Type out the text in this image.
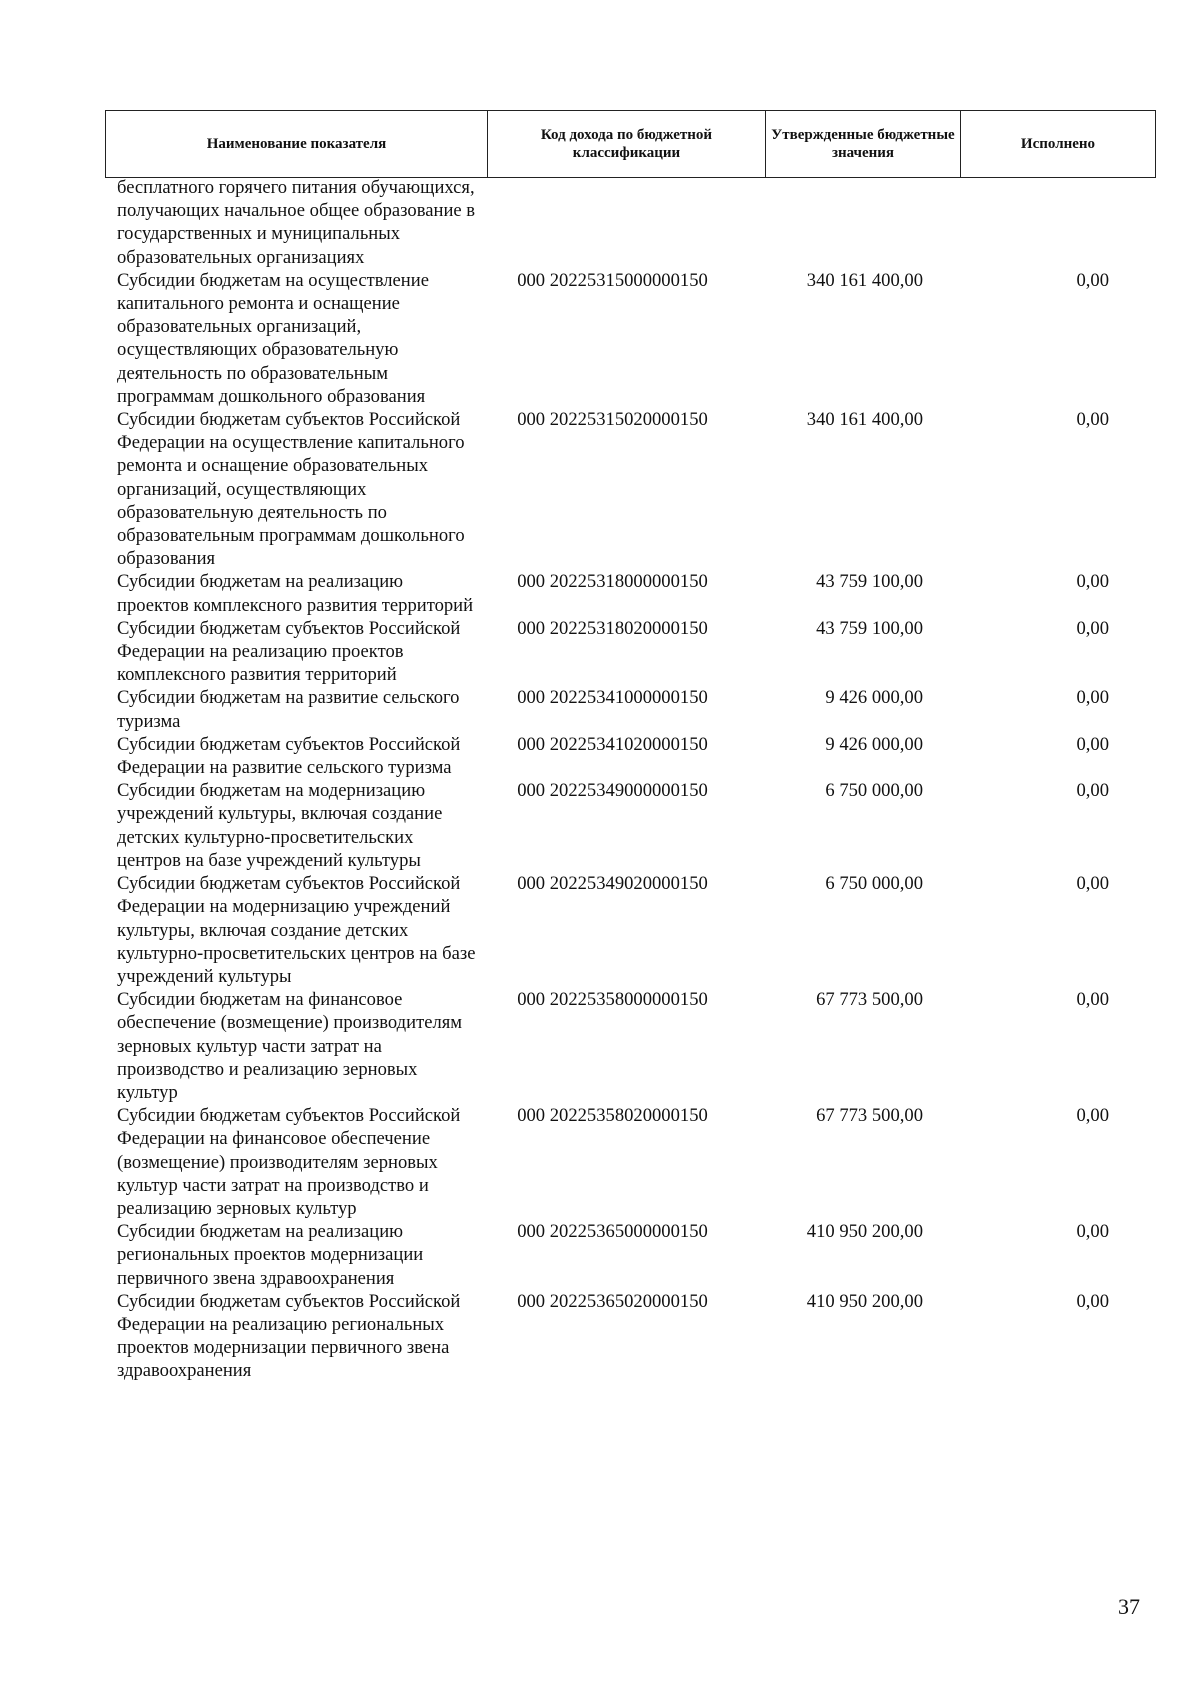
Наименование показателя	Код дохода по бюджетной классификации	Утвержденные бюджетные значения	Исполнено
бесплатного горячего питания обучающихся, получающих начальное общее образование в государственных и муниципальных образовательных организациях
Субсидии бюджетам на осуществление капитального ремонта и оснащение образовательных организаций, осуществляющих образовательную деятельность по образовательным программам дошкольного образования
000 20225315000000150	340 161 400,00	0,00
Субсидии бюджетам субъектов Российской Федерации на осуществление капитального ремонта и оснащение образовательных организаций, осуществляющих образовательную деятельность по образовательным программам дошкольного образования
000 20225315020000150	340 161 400,00	0,00
Субсидии бюджетам на реализацию проектов комплексного развития территорий
000 20225318000000150	43 759 100,00	0,00
Субсидии бюджетам субъектов Российской Федерации на реализацию проектов комплексного развития территорий
000 20225318020000150	43 759 100,00	0,00
Субсидии бюджетам на развитие сельского туризма
000 20225341000000150	9 426 000,00	0,00
Субсидии бюджетам субъектов Российской Федерации на развитие сельского туризма
000 20225341020000150	9 426 000,00	0,00
Субсидии бюджетам на модернизацию учреждений культуры, включая создание детских культурно-просветительских центров на базе учреждений культуры
000 20225349000000150	6 750 000,00	0,00
Субсидии бюджетам субъектов Российской Федерации на модернизацию учреждений культуры, включая создание детских культурно-просветительских центров на базе учреждений культуры
000 20225349020000150	6 750 000,00	0,00
Субсидии бюджетам на финансовое обеспечение (возмещение) производителям зерновых культур части затрат на производство и реализацию зерновых культур
000 20225358000000150	67 773 500,00	0,00
Субсидии бюджетам субъектов Российской Федерации на финансовое обеспечение (возмещение) производителям зерновых культур части затрат на производство и реализацию зерновых культур
000 20225358020000150	67 773 500,00	0,00
Субсидии бюджетам на реализацию региональных проектов модернизации первичного звена здравоохранения
000 20225365000000150	410 950 200,00	0,00
Субсидии бюджетам субъектов Российской Федерации на реализацию региональных проектов модернизации первичного звена здравоохранения
000 20225365020000150	410 950 200,00	0,00
37
